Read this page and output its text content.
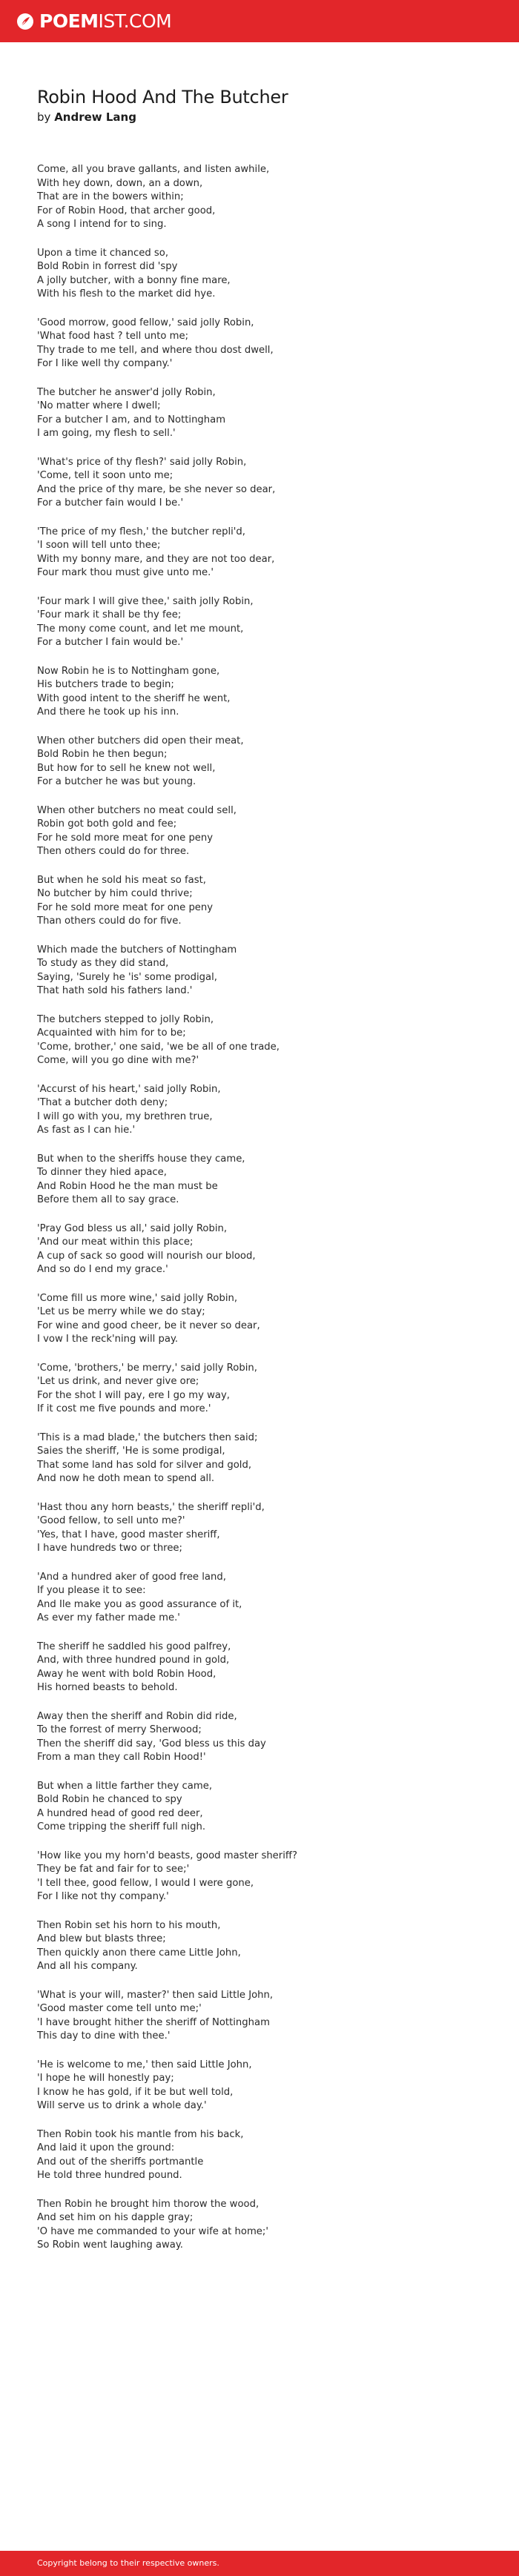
POEMIST.COM
Robin Hood And The Butcher
by Andrew Lang
Come, all you brave gallants, and listen awhile,
With hey down, down, an a down,
That are in the bowers within;
For of Robin Hood, that archer good,
A song I intend for to sing.
Upon a time it chanced so,
Bold Robin in forrest did 'spy
A jolly butcher, with a bonny fine mare,
With his flesh to the market did hye.
'Good morrow, good fellow,' said jolly Robin,
'What food hast ? tell unto me;
Thy trade to me tell, and where thou dost dwell,
For I like well thy company.'
The butcher he answer'd jolly Robin,
'No matter where I dwell;
For a butcher I am, and to Nottingham
I am going, my flesh to sell.'
'What's price of thy flesh?' said jolly Robin,
'Come, tell it soon unto me;
And the price of thy mare, be she never so dear,
For a butcher fain would I be.'
'The price of my flesh,' the butcher repli'd,
'I soon will tell unto thee;
With my bonny mare, and they are not too dear,
Four mark thou must give unto me.'
'Four mark I will give thee,' saith jolly Robin,
'Four mark it shall be thy fee;
The mony come count, and let me mount,
For a butcher I fain would be.'
Now Robin he is to Nottingham gone,
His butchers trade to begin;
With good intent to the sheriff he went,
And there he took up his inn.
When other butchers did open their meat,
Bold Robin he then begun;
But how for to sell he knew not well,
For a butcher he was but young.
When other butchers no meat could sell,
Robin got both gold and fee;
For he sold more meat for one peny
Then others could do for three.
But when he sold his meat so fast,
No butcher by him could thrive;
For he sold more meat for one peny
Than others could do for five.
Which made the butchers of Nottingham
To study as they did stand,
Saying, 'Surely he 'is' some prodigal,
That hath sold his fathers land.'
The butchers stepped to jolly Robin,
Acquainted with him for to be;
'Come, brother,' one said, 'we be all of one trade,
Come, will you go dine with me?'
'Accurst of his heart,' said jolly Robin,
'That a butcher doth deny;
I will go with you, my brethren true,
As fast as I can hie.'
But when to the sheriffs house they came,
To dinner they hied apace,
And Robin Hood he the man must be
Before them all to say grace.
'Pray God bless us all,' said jolly Robin,
'And our meat within this place;
A cup of sack so good will nourish our blood,
And so do I end my grace.'
'Come fill us more wine,' said jolly Robin,
'Let us be merry while we do stay;
For wine and good cheer, be it never so dear,
I vow I the reck'ning will pay.
'Come, 'brothers,' be merry,' said jolly Robin,
'Let us drink, and never give ore;
For the shot I will pay, ere I go my way,
If it cost me five pounds and more.'
'This is a mad blade,' the butchers then said;
Saies the sheriff, 'He is some prodigal,
That some land has sold for silver and gold,
And now he doth mean to spend all.
'Hast thou any horn beasts,' the sheriff repli'd,
'Good fellow, to sell unto me?'
'Yes, that I have, good master sheriff,
I have hundreds two or three;
'And a hundred aker of good free land,
If you please it to see:
And Ile make you as good assurance of it,
As ever my father made me.'
The sheriff he saddled his good palfrey,
And, with three hundred pound in gold,
Away he went with bold Robin Hood,
His horned beasts to behold.
Away then the sheriff and Robin did ride,
To the forrest of merry Sherwood;
Then the sheriff did say, 'God bless us this day
From a man they call Robin Hood!'
But when a little farther they came,
Bold Robin he chanced to spy
A hundred head of good red deer,
Come tripping the sheriff full nigh.
'How like you my horn'd beasts, good master sheriff?
They be fat and fair for to see;'
'I tell thee, good fellow, I would I were gone,
For I like not thy company.'
Then Robin set his horn to his mouth,
And blew but blasts three;
Then quickly anon there came Little John,
And all his company.
'What is your will, master?' then said Little John,
'Good master come tell unto me;'
'I have brought hither the sheriff of Nottingham
This day to dine with thee.'
'He is welcome to me,' then said Little John,
'I hope he will honestly pay;
I know he has gold, if it be but well told,
Will serve us to drink a whole day.'
Then Robin took his mantle from his back,
And laid it upon the ground:
And out of the sheriffs portmantle
He told three hundred pound.
Then Robin he brought him thorow the wood,
And set him on his dapple gray;
'O have me commanded to your wife at home;'
So Robin went laughing away.
Copyright belong to their respective owners.
